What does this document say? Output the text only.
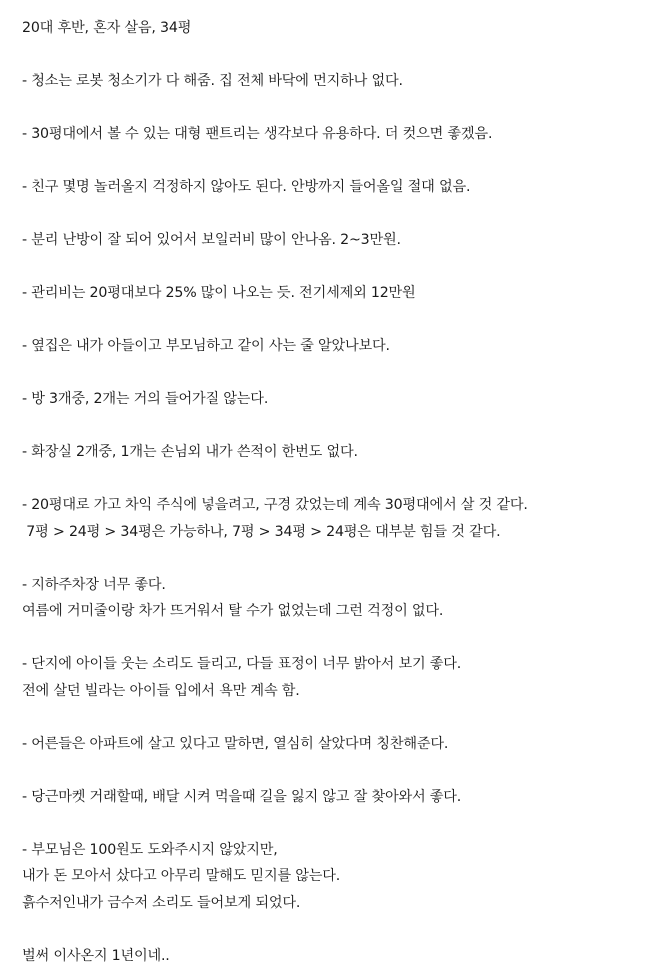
20대 후반, 혼자 살음, 34평
- 청소는 로봇 청소기가 다 해줌. 집 전체 바닥에 먼지하나 없다.
- 30평대에서 볼 수 있는 대형 팬트리는 생각보다 유용하다. 더 컷으면 좋겠음.
- 친구 몇명 놀러올지 걱정하지 않아도 된다. 안방까지 들어올일 절대 없음.
- 분리 난방이 잘 되어 있어서 보일러비 많이 안나옴. 2~3만원.
- 관리비는 20평대보다 25% 많이 나오는 듯. 전기세제외 12만원
- 옆집은 내가 아들이고 부모님하고 같이 사는 줄 알았나보다.
- 방 3개중, 2개는 거의 들어가질 않는다.
- 화장실 2개중, 1개는 손님외 내가 쓴적이 한번도 없다.
- 20평대로 가고 차익 주식에 넣을려고, 구경 갔었는데 계속 30평대에서 살 것 같다.
7평 > 24평 > 34평은 가능하나, 7평 > 34평 > 24평은 대부분 힘들 것 같다.
- 지하주차장 너무 좋다.
여름에 거미줄이랑 차가 뜨거워서 탈 수가 없었는데 그런 걱정이 없다.
- 단지에 아이들 웃는 소리도 들리고, 다들 표정이 너무 밝아서 보기 좋다.
전에 살던 빌라는 아이들 입에서 욕만 계속 함.
- 어른들은 아파트에 살고 있다고 말하면, 열심히 살았다며 칭찬해준다.
- 당근마켓 거래할때, 배달 시켜 먹을때 길을 잃지 않고 잘 찾아와서 좋다.
- 부모님은 100원도 도와주시지 않았지만,
내가 돈 모아서 샀다고 아무리 말해도 믿지를 않는다.
흙수저인내가 금수저 소리도 들어보게 되었다.
벌써 이사온지 1년이네..
